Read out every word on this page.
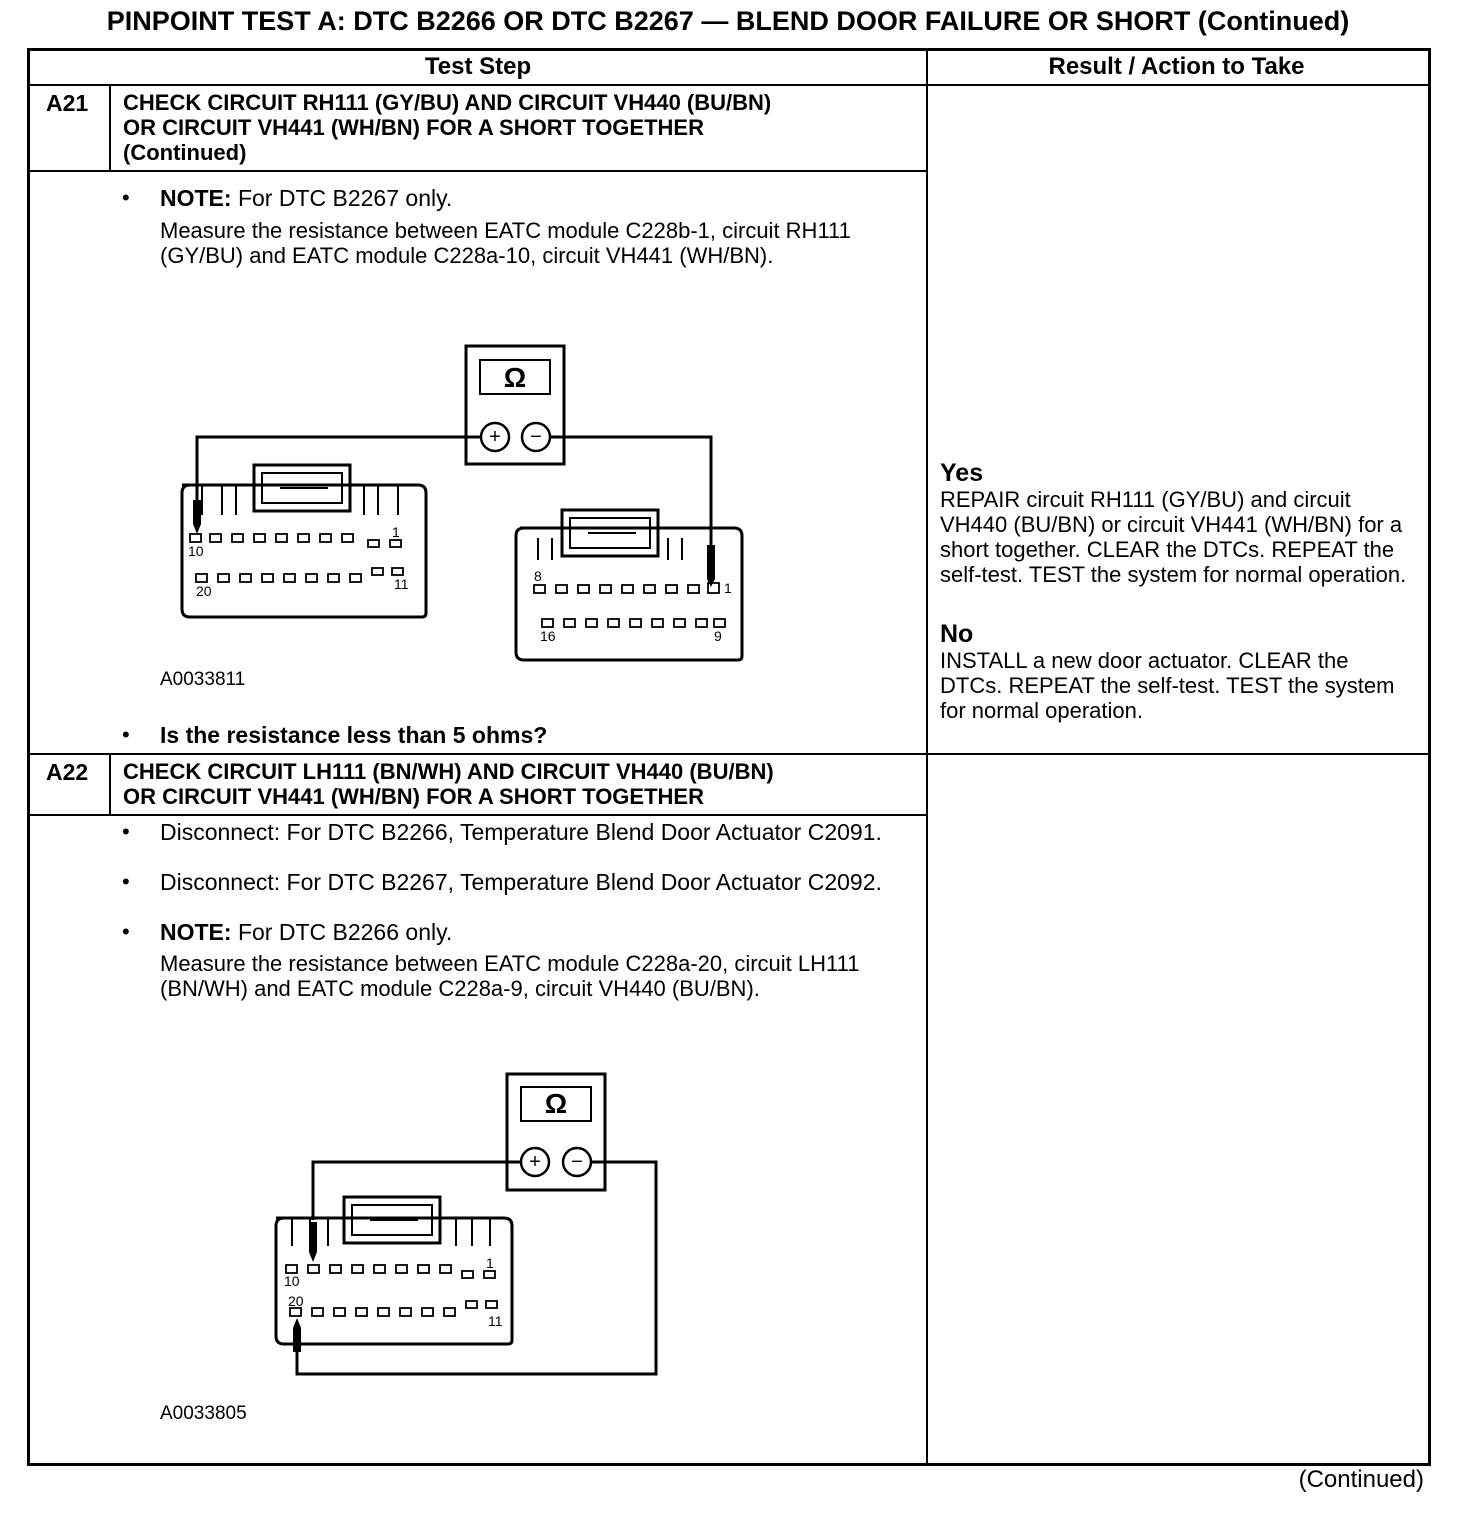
PINPOINT TEST A: DTC B2266 OR DTC B2267 — BLEND DOOR FAILURE OR SHORT (Continued)
Test Step	Result / Action to Take
A21 CHECK CIRCUIT RH111 (GY/BU) AND CIRCUIT VH440 (BU/BN)
OR CIRCUIT VH441 (WH/BN) FOR A SHORT TOGETHER
(Continued)
• NOTE: For DTC B2267 only.
Measure the resistance between EATC module C228b-1, circuit RH111 (GY/BU) and EATC module C228a-10, circuit VH441 (WH/BN).
Ω
+ −
10
1
20	11	8
1
16	9
A0033811
• Is the resistance less than 5 ohms?
Yes
REPAIR circuit RH111 (GY/BU) and circuit VH440 (BU/BN) or circuit VH441 (WH/BN) for a short together. CLEAR the DTCs. REPEAT the self-test. TEST the system for normal operation.
No
INSTALL a new door actuator. CLEAR the DTCs. REPEAT the self-test. TEST the system for normal operation.
A22 CHECK CIRCUIT LH111 (BN/WH) AND CIRCUIT VH440 (BU/BN)
OR CIRCUIT VH441 (WH/BN) FOR A SHORT TOGETHER
• Disconnect: For DTC B2266, Temperature Blend Door Actuator C2091.
• Disconnect: For DTC B2267, Temperature Blend Door Actuator C2092.
• NOTE: For DTC B2266 only.
Measure the resistance between EATC module C228a-20, circuit LH111 (BN/WH) and EATC module C228a-9, circuit VH440 (BU/BN).
Ω
+ −
10
1
20
11
A0033805
(Continued)
